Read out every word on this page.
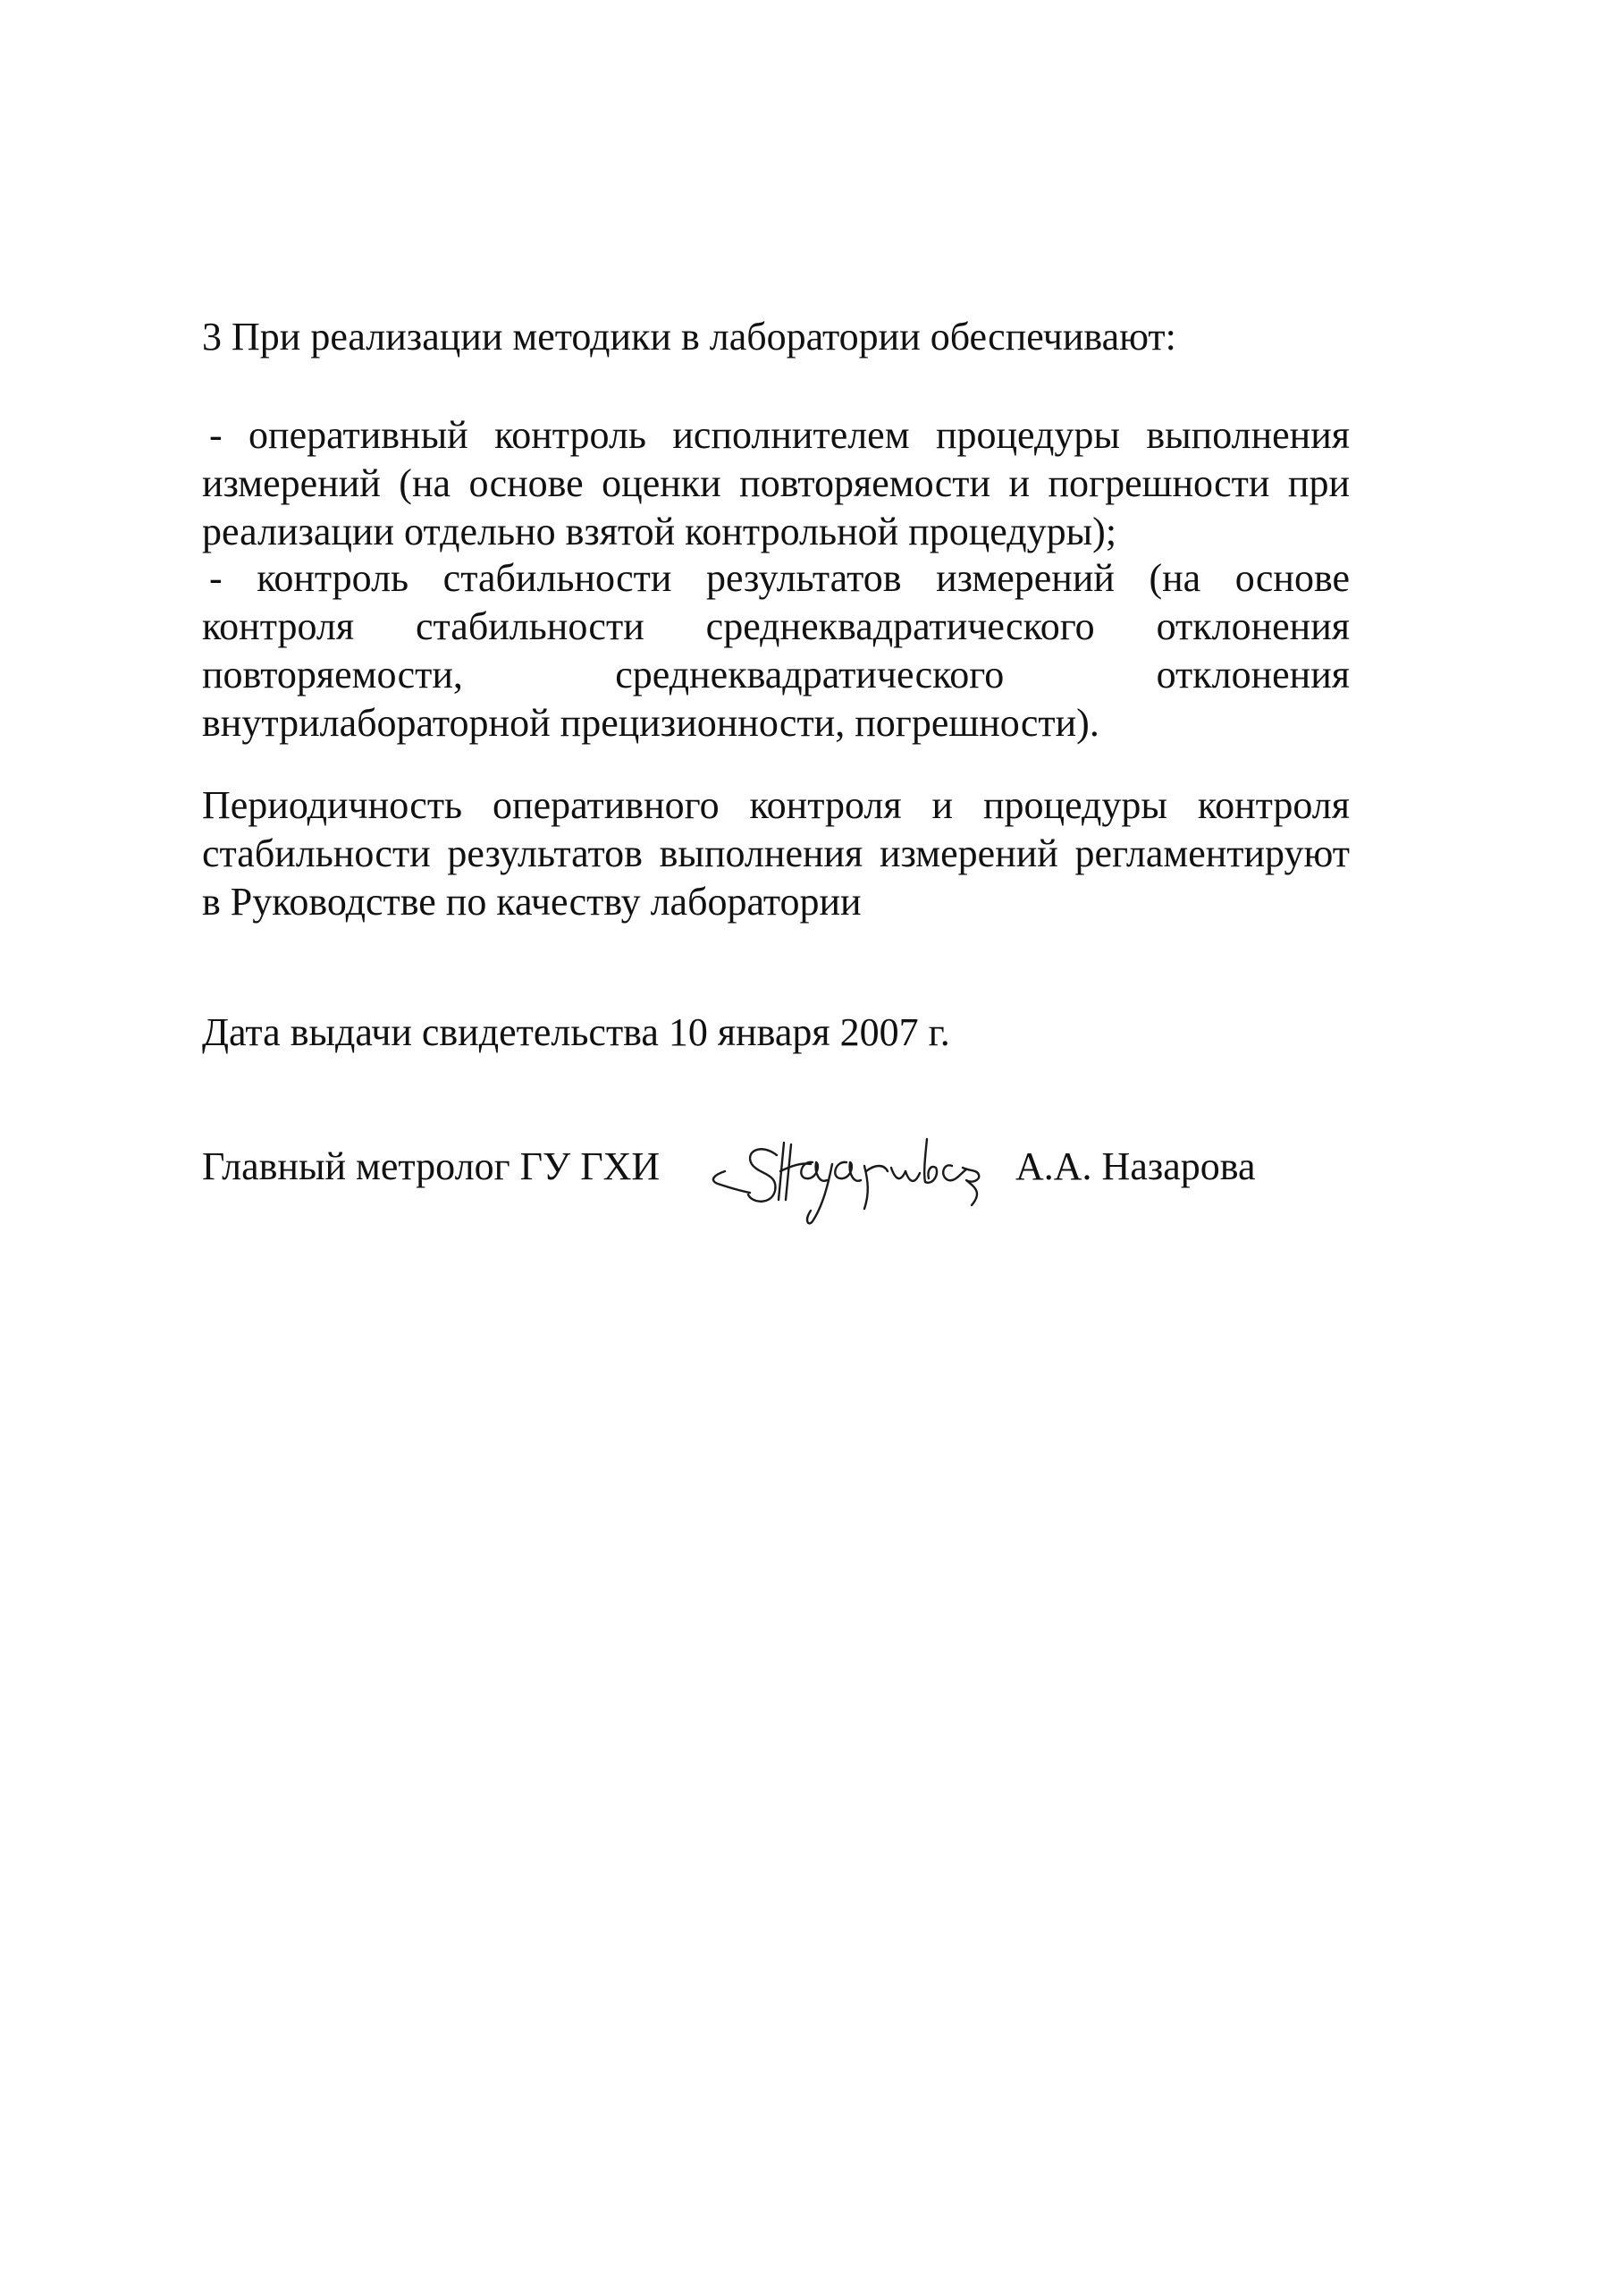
3 При реализации методики в лаборатории обеспечивают:

- оперативный контроль исполнителем процедуры выполнения измерений (на основе оценки повторяемости и погрешности при реализации отдельно взятой контрольной процедуры);

- контроль стабильности результатов измерений (на основе контроля стабильности среднеквадратического отклонения повторяемости, среднеквадратического отклонения внутрилабораторной прецизионности, погрешности).

Периодичность оперативного контроля и процедуры контроля стабильности результатов выполнения измерений регламентируют в Руководстве по качеству лаборатории

Дата выдачи свидетельства 10 января 2007 г.

Главный метролог ГУ ГХИ	А.А. Назарова
